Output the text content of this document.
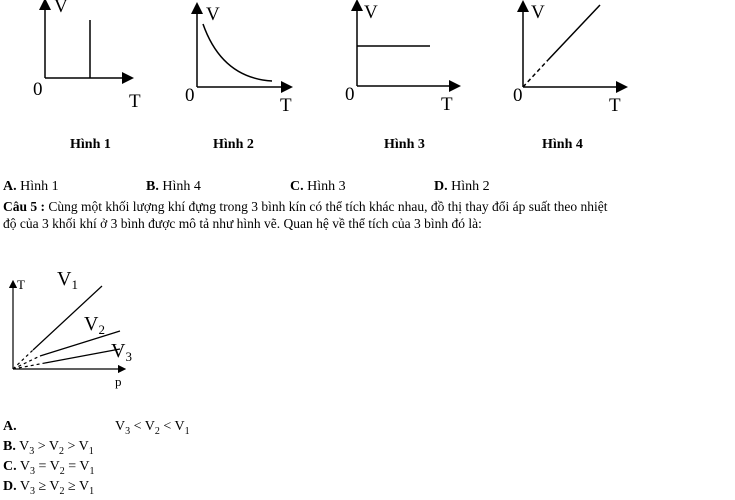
V
T
0
V
T
0
V
T
0
V
T
0
Hình 1	Hình 2	Hình 3	Hình 4
A. Hình 1	B. Hình 4	C. Hình 3	D. Hình 2
Câu 5 : Cùng một khối lượng khí đựng trong 3 bình kín có thể tích khác nhau, đồ thị thay đổi áp suất theo nhiệt
độ của 3 khối khí ở 3 bình được mô tả như hình vẽ. Quan hệ về thể tích của 3 bình đó là:
T
p
$V_1$
$V_2$
$V_3$
A.	$V_3 < V_2 < V_1$
B. $V_3 > V_2 > V_1$
C. $V_3 = V_2 = V_1$
D. $V_3 \ge V_2 \ge V_1$
